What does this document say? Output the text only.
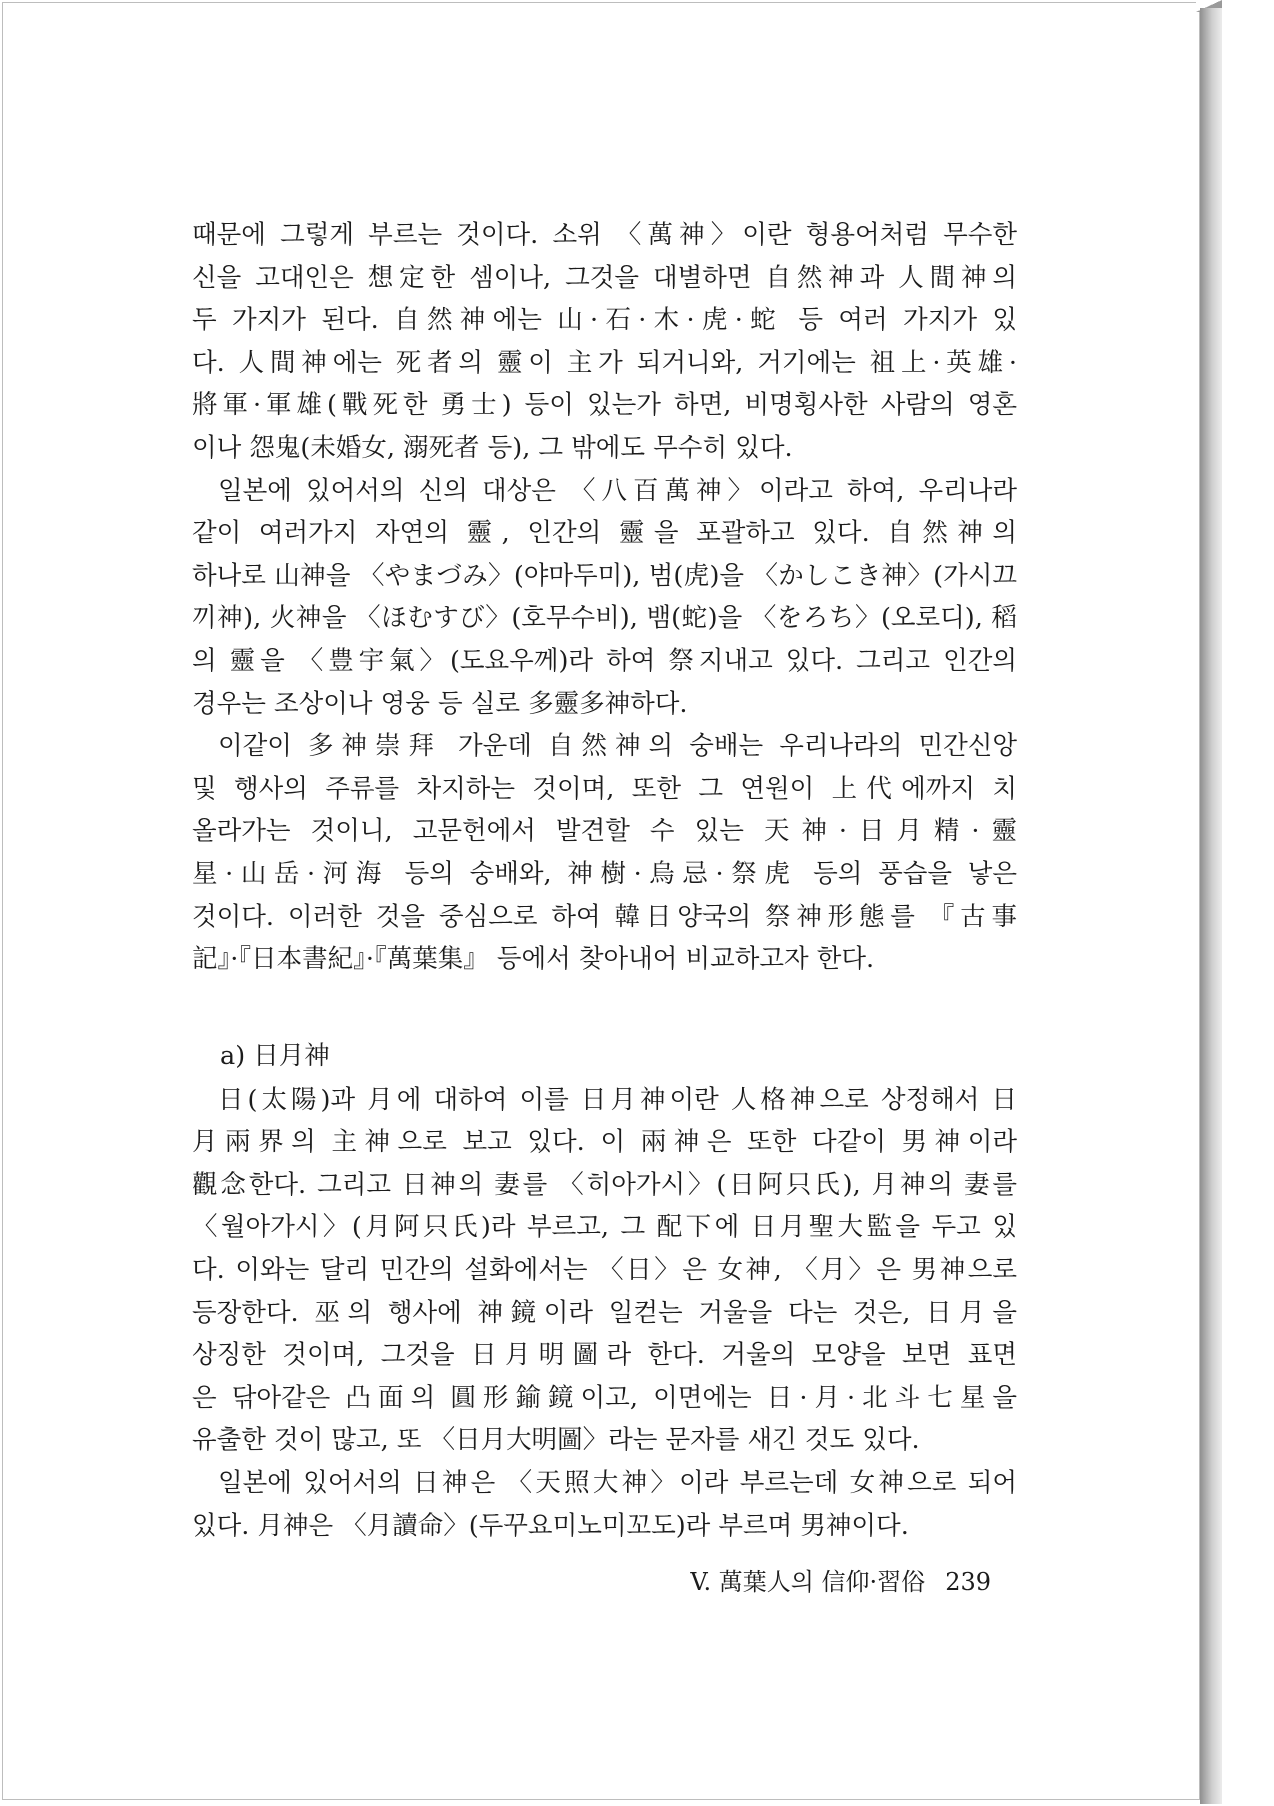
때문에 그렇게 부르는 것이다. 소위 〈萬神〉이란 형용어처럼 무수한
신을 고대인은 想定한 셈이나, 그것을 대별하면 自然神과 人間神의
두 가지가 된다. 自然神에는 山·石·木·虎·蛇 등 여러 가지가 있
다. 人間神에는 死者의 靈이 主가 되거니와, 거기에는 祖上·英雄·
將軍·軍雄(戰死한 勇士) 등이 있는가 하면, 비명횡사한 사람의 영혼
이나 怨鬼(未婚女, 溺死者 등), 그 밖에도 무수히 있다.
일본에 있어서의 신의 대상은 〈八百萬神〉이라고 하여, 우리나라
같이 여러가지 자연의 靈, 인간의 靈을 포괄하고 있다. 自然神의
하나로 山神을 〈やまづみ〉(야마두미), 범(虎)을 〈かしこき神〉(가시끄
끼神), 火神을 〈ほむすび〉(호무수비), 뱀(蛇)을 〈をろち〉(오로디), 稻
의 靈을 〈豊宇氣〉(도요우께)라 하여 祭지내고 있다. 그리고 인간의
경우는 조상이나 영웅 등 실로 多靈多神하다.
이같이 多神崇拜 가운데 自然神의 숭배는 우리나라의 민간신앙
및 행사의 주류를 차지하는 것이며, 또한 그 연원이 上代에까지 치
올라가는 것이니, 고문헌에서 발견할 수 있는 天神·日月精·靈
星·山岳·河海 등의 숭배와, 神樹·烏忌·祭虎 등의 풍습을 낳은
것이다. 이러한 것을 중심으로 하여 韓日양국의 祭神形態를 『古事
記』·『日本書紀』·『萬葉集』 등에서 찾아내어 비교하고자 한다.
a) 日月神
日(太陽)과 月에 대하여 이를 日月神이란 人格神으로 상정해서 日
月兩界의 主神으로 보고 있다. 이 兩神은 또한 다같이 男神이라
觀念한다. 그리고 日神의 妻를 〈히아가시〉(日阿只氏), 月神의 妻를
〈월아가시〉(月阿只氏)라 부르고, 그 配下에 日月聖大監을 두고 있
다. 이와는 달리 민간의 설화에서는 〈日〉은 女神, 〈月〉은 男神으로
등장한다. 巫의 행사에 神鏡이라 일컫는 거울을 다는 것은, 日月을
상징한 것이며, 그것을 日月明圖라 한다. 거울의 모양을 보면 표면
은 닦아같은 凸面의 圓形鍮鏡이고, 이면에는 日·月·北斗七星을
유출한 것이 많고, 또 〈日月大明圖〉라는 문자를 새긴 것도 있다.
일본에 있어서의 日神은 〈天照大神〉이라 부르는데 女神으로 되어
있다. 月神은 〈月讀命〉(두꾸요미노미꼬도)라 부르며 男神이다.
V. 萬葉人의 信仰·習俗 239
